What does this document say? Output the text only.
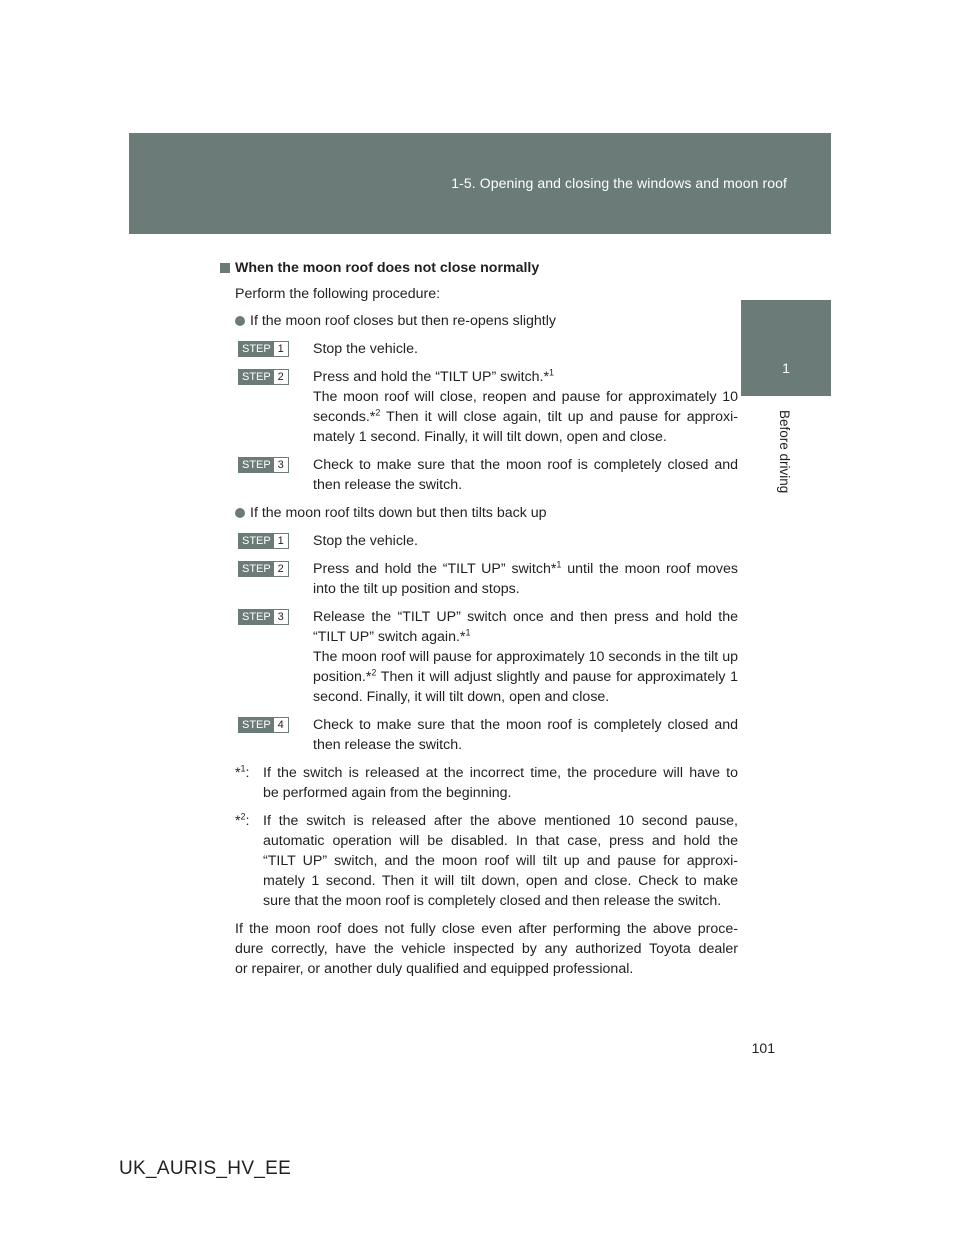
1-5. Opening and closing the windows and moon roof
1
Before driving
When the moon roof does not close normally
Perform the following procedure:
If the moon roof closes but then re-opens slightly
STEP 1 Stop the vehicle.
STEP 2 Press and hold the “TILT UP” switch.*$^1$
The moon roof will close, reopen and pause for approximately 10
seconds.*$^2$ Then it will close again, tilt up and pause for approxi-
mately 1 second. Finally, it will tilt down, open and close.
STEP 3 Check to make sure that the moon roof is completely closed and
then release the switch.
If the moon roof tilts down but then tilts back up
STEP 1 Stop the vehicle.
STEP 2 Press and hold the “TILT UP” switch*$^1$ until the moon roof moves
into the tilt up position and stops.
STEP 3 Release the “TILT UP” switch once and then press and hold the
“TILT UP” switch again.*$^1$
The moon roof will pause for approximately 10 seconds in the tilt up
position.*$^2$ Then it will adjust slightly and pause for approximately 1
second. Finally, it will tilt down, open and close.
STEP 4 Check to make sure that the moon roof is completely closed and
then release the switch.
*$^1$: If the switch is released at the incorrect time, the procedure will have to
be performed again from the beginning.
*$^2$: If the switch is released after the above mentioned 10 second pause,
automatic operation will be disabled. In that case, press and hold the
“TILT UP” switch, and the moon roof will tilt up and pause for approxi-
mately 1 second. Then it will tilt down, open and close. Check to make
sure that the moon roof is completely closed and then release the switch.
If the moon roof does not fully close even after performing the above proce-
dure correctly, have the vehicle inspected by any authorized Toyota dealer
or repairer, or another duly qualified and equipped professional.
101
UK_AURIS_HV_EE
